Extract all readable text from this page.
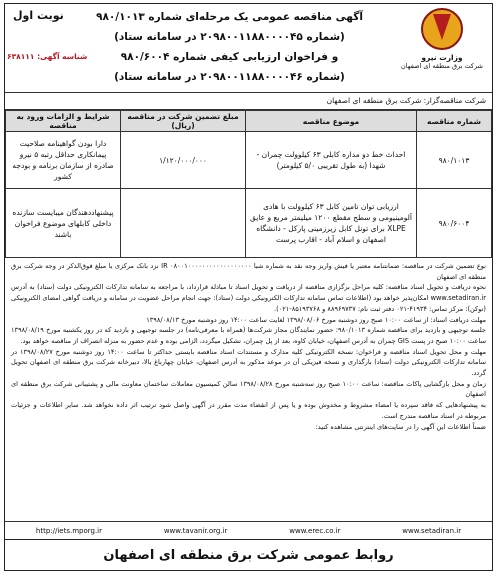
وزارت نیرو
شرکت برق منطقه ای اصفهان
آگهی مناقصه عمومی یک مرحله‌ای شماره ۹۸۰/۱۰۱۳
(شماره ۲۰۹۸۰۰۱۱۸۸۰۰۰۰۴۵ در سامانه ستاد)
و فراخوان ارزیابی کیفی شماره ۹۸۰/۶۰۰۴
(شماره ۲۰۹۸۰۰۱۱۸۸۰۰۰۰۴۶ در سامانه ستاد)
نوبت اول
شناسه آگهی: ۶۳۸۱۱۱
شرکت مناقصه‌گزار: شرکت برق منطقه ای اصفهان
شماره مناقصه	موضوع مناقصه	مبلغ تضمین شرکت در مناقصه (ریال)	شرایط و الزامات ورود به مناقصه
۹۸۰/۱۰۱۳	احداث خط دو مداره کابلی ۶۳ کیلوولت چمران - شهدا (به طول تقریبی ۵/۰ کیلومتر)	۱/۱۲۰/۰۰۰/۰۰۰	دارا بودن گواهینامه صلاحیت پیمانکاری حداقل رتبه ۵ نیرو صادره از سازمان برنامه و بودجه کشور
۹۸۰/۶۰۰۴	ارزیابی توان تامین کابل ۶۳ کیلوولت با هادی آلومینیومی و سطح مقطع ۱۲۰۰ میلیمتر مربع و عایق XLPE برای تونل کابل زیرزمینی پارکل - دانشگاه اصفهان و اسلام آباد - اقارب پرست		پیشنهاددهندگان میبایست سازنده داخلی کابلهای موضوع فراخوان باشند
نوع تضمین شرکت در مناقصه: ضمانتنامه معتبر یا فیش واریز وجه نقد به شماره شبا IR ۰۸۰۰۱۰۰۰۰۰۰۰۰۰۰۰۰۰۰۰۰۰۰ نزد بانک مرکزی یا مبلغ فوق‌الذکر در وجه شرکت برق منطقه ای اصفهان
نحوه دریافت و تحویل اسناد مناقصه: کلیه مراحل برگزاری مناقصه از دریافت و تحویل اسناد تا مبادله قرارداد، با مراجعه به سامانه تدارکات الکترونیکی دولت (ستاد) به آدرس www.setadiran.ir امکان‌پذیر خواهد بود (اطلاعات تماس سامانه تدارکات الکترونیکی دولت (ستاد): جهت انجام مراحل عضویت در سامانه و دریافت گواهی امضای الکترونیکی (توکن): مرکز تماس: ۴۱۹۳۴-۰۲۱ دفتر ثبت نام: ۸۸۹۶۹۷۳۷ و ۸۵۱۹۳۷۶۸-۰۲۱).
مهلت دریافت اسناد: از ساعت ۱۰:۰۰ صبح روز دوشنبه مورخ ۱۳۹۸/۰۸/۰۶ لغایت ساعت ۱۴:۰۰ روز دوشنبه مورخ ۱۳۹۸/۰۸/۱۳
جلسه توجیهی و بازدید برای مناقصه شماره ۹۸۰/۱۰۱۳: حضور نمایندگان مجاز شرکت‌ها (همراه با معرفی‌نامه) در جلسه توجیهی و بازدید که در روز یکشنبه مورخ ۱۳۹۸/۰۸/۱۹ ساعت ۱۰:۰۰ صبح در پست GIS چمران به آدرس اصفهان، خیابان کاوه، بعد از پل چمران، تشکیل میگردد، الزامی بوده و عدم حضور به منزله انصراف از مناقصه خواهد بود.
مهلت و محل تحویل اسناد مناقصه و فراخوان: نسخه الکترونیکی کلیه مدارک و مستندات اسناد مناقصه بایستی حداکثر تا ساعت ۱۴:۰۰ روز دوشنبه مورخ ۱۳۹۸/۰۸/۲۷ در سامانه تدارکات الکترونیکی دولت (ستاد) بارگذاری و نسخه فیزیکی آن در موعد مذکور به آدرس اصفهان، خیابان چهارباغ بالا، دبیرخانه شرکت برق منطقه ای اصفهان تحویل گردد.
زمان و محل بازگشایی پاکات مناقصه: ساعت ۱۰:۰۰ صبح روز سه‌شنبه مورخ ۱۳۹۸/۰۸/۲۸ سالن کمیسیون معاملات ساختمان معاونت مالی و پشتیبانی شرکت برق منطقه ای اصفهان
به پیشنهادهایی که فاقد سپرده یا امضاء مشروط و مخدوش بوده و یا پس از انقضاء مدت مقرر در آگهی واصل شود ترتیب اثر داده نخواهد شد. سایر اطلاعات و جزئیات مربوطه در اسناد مناقصه مندرج است.
ضمناً اطلاعات این آگهی را در سایت‌های اینترنتی مشاهده کنید:
http://iets.mporg.ir	www.tavanir.org.ir	www.erec.co.ir	www.setadiran.ir
روابط عمومی شرکت برق منطقه ای اصفهان
